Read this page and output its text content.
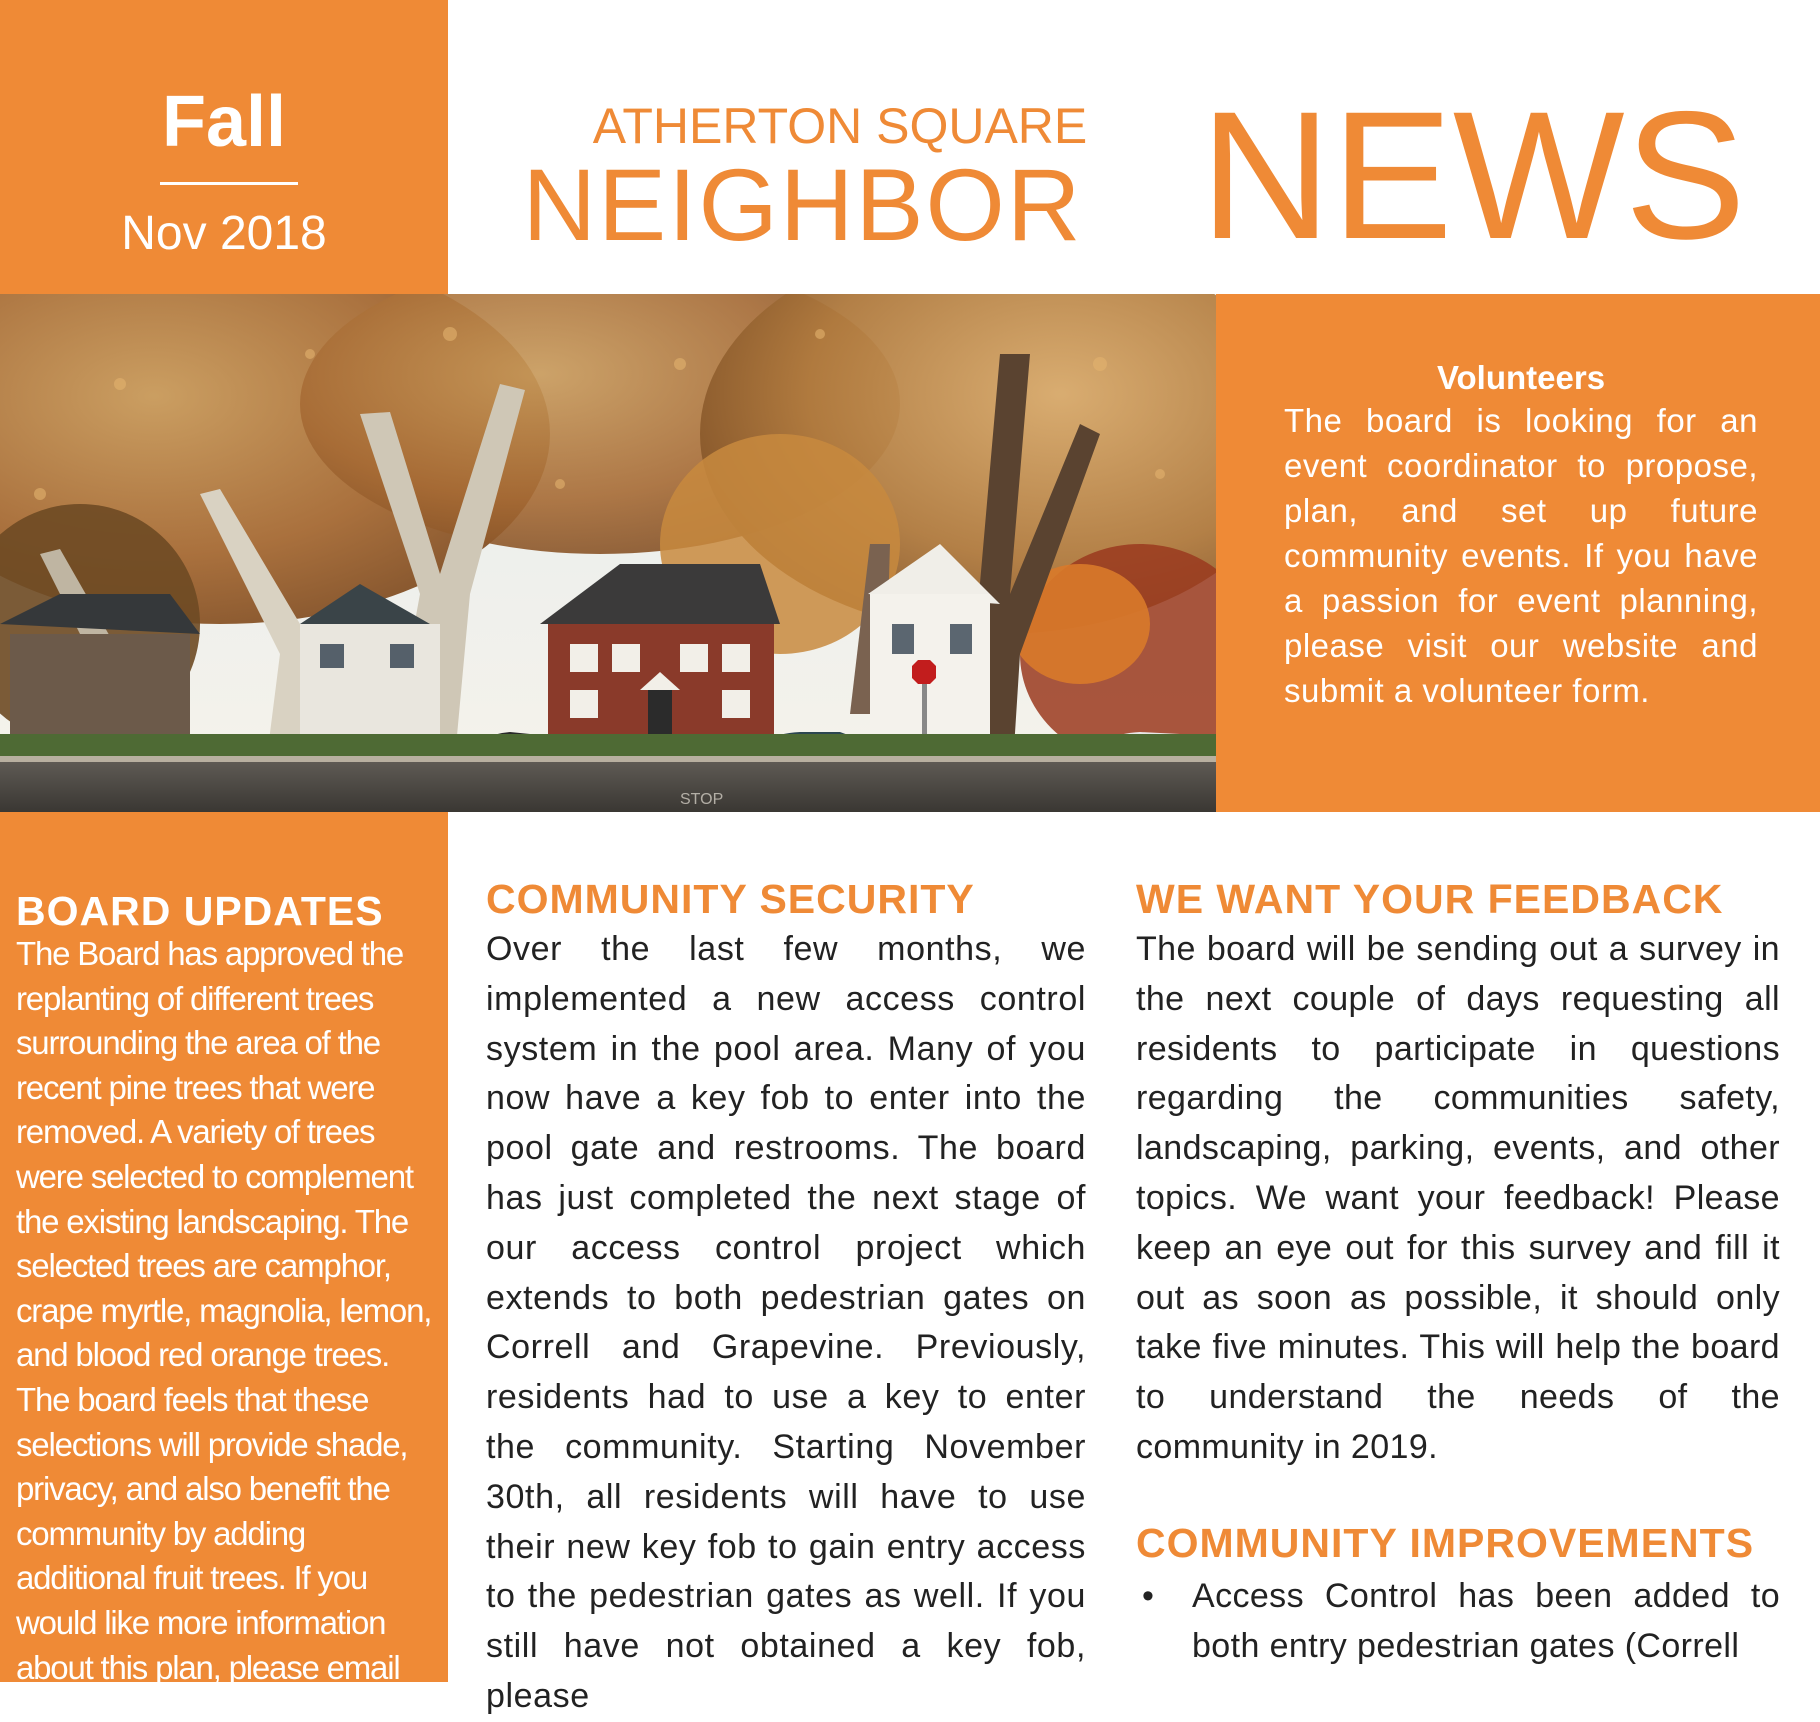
Fall
Nov 2018
ATHERTON SQUARE
NEIGHBOR NEWS
STOP
Volunteers
The board is looking for an event coordinator to propose, plan, and set up future community events. If you have a passion for event planning, please visit our website and submit a volunteer form.
BOARD UPDATES
The Board has approved the replanting of different trees surrounding the area of the recent pine trees that were removed. A variety of trees were selected to complement the existing landscaping. The selected trees are camphor, crape myrtle, magnolia, lemon, and blood red orange trees. The board feels that these selections will provide shade, privacy, and also benefit the community by adding additional fruit trees. If you would like more information about this plan, please email
COMMUNITY SECURITY
Over the last few months, we implemented a new access control system in the pool area. Many of you now have a key fob to enter into the pool gate and restrooms. The board has just completed the next stage of our access control project which extends to both pedestrian gates on Correll and Grapevine. Previously, residents had to use a key to enter the community. Starting November 30th, all residents will have to use their new key fob to gain entry access to the pedestrian gates as well. If you still have not obtained a key fob, please
WE WANT YOUR FEEDBACK
The board will be sending out a survey in the next couple of days requesting all residents to participate in questions regarding the communities safety, landscaping, parking, events, and other topics. We want your feedback! Please keep an eye out for this survey and fill it out as soon as possible, it should only take five minutes. This will help the board to understand the needs of the community in 2019.
COMMUNITY IMPROVEMENTS
• Access Control has been added to both entry pedestrian gates (Correll
